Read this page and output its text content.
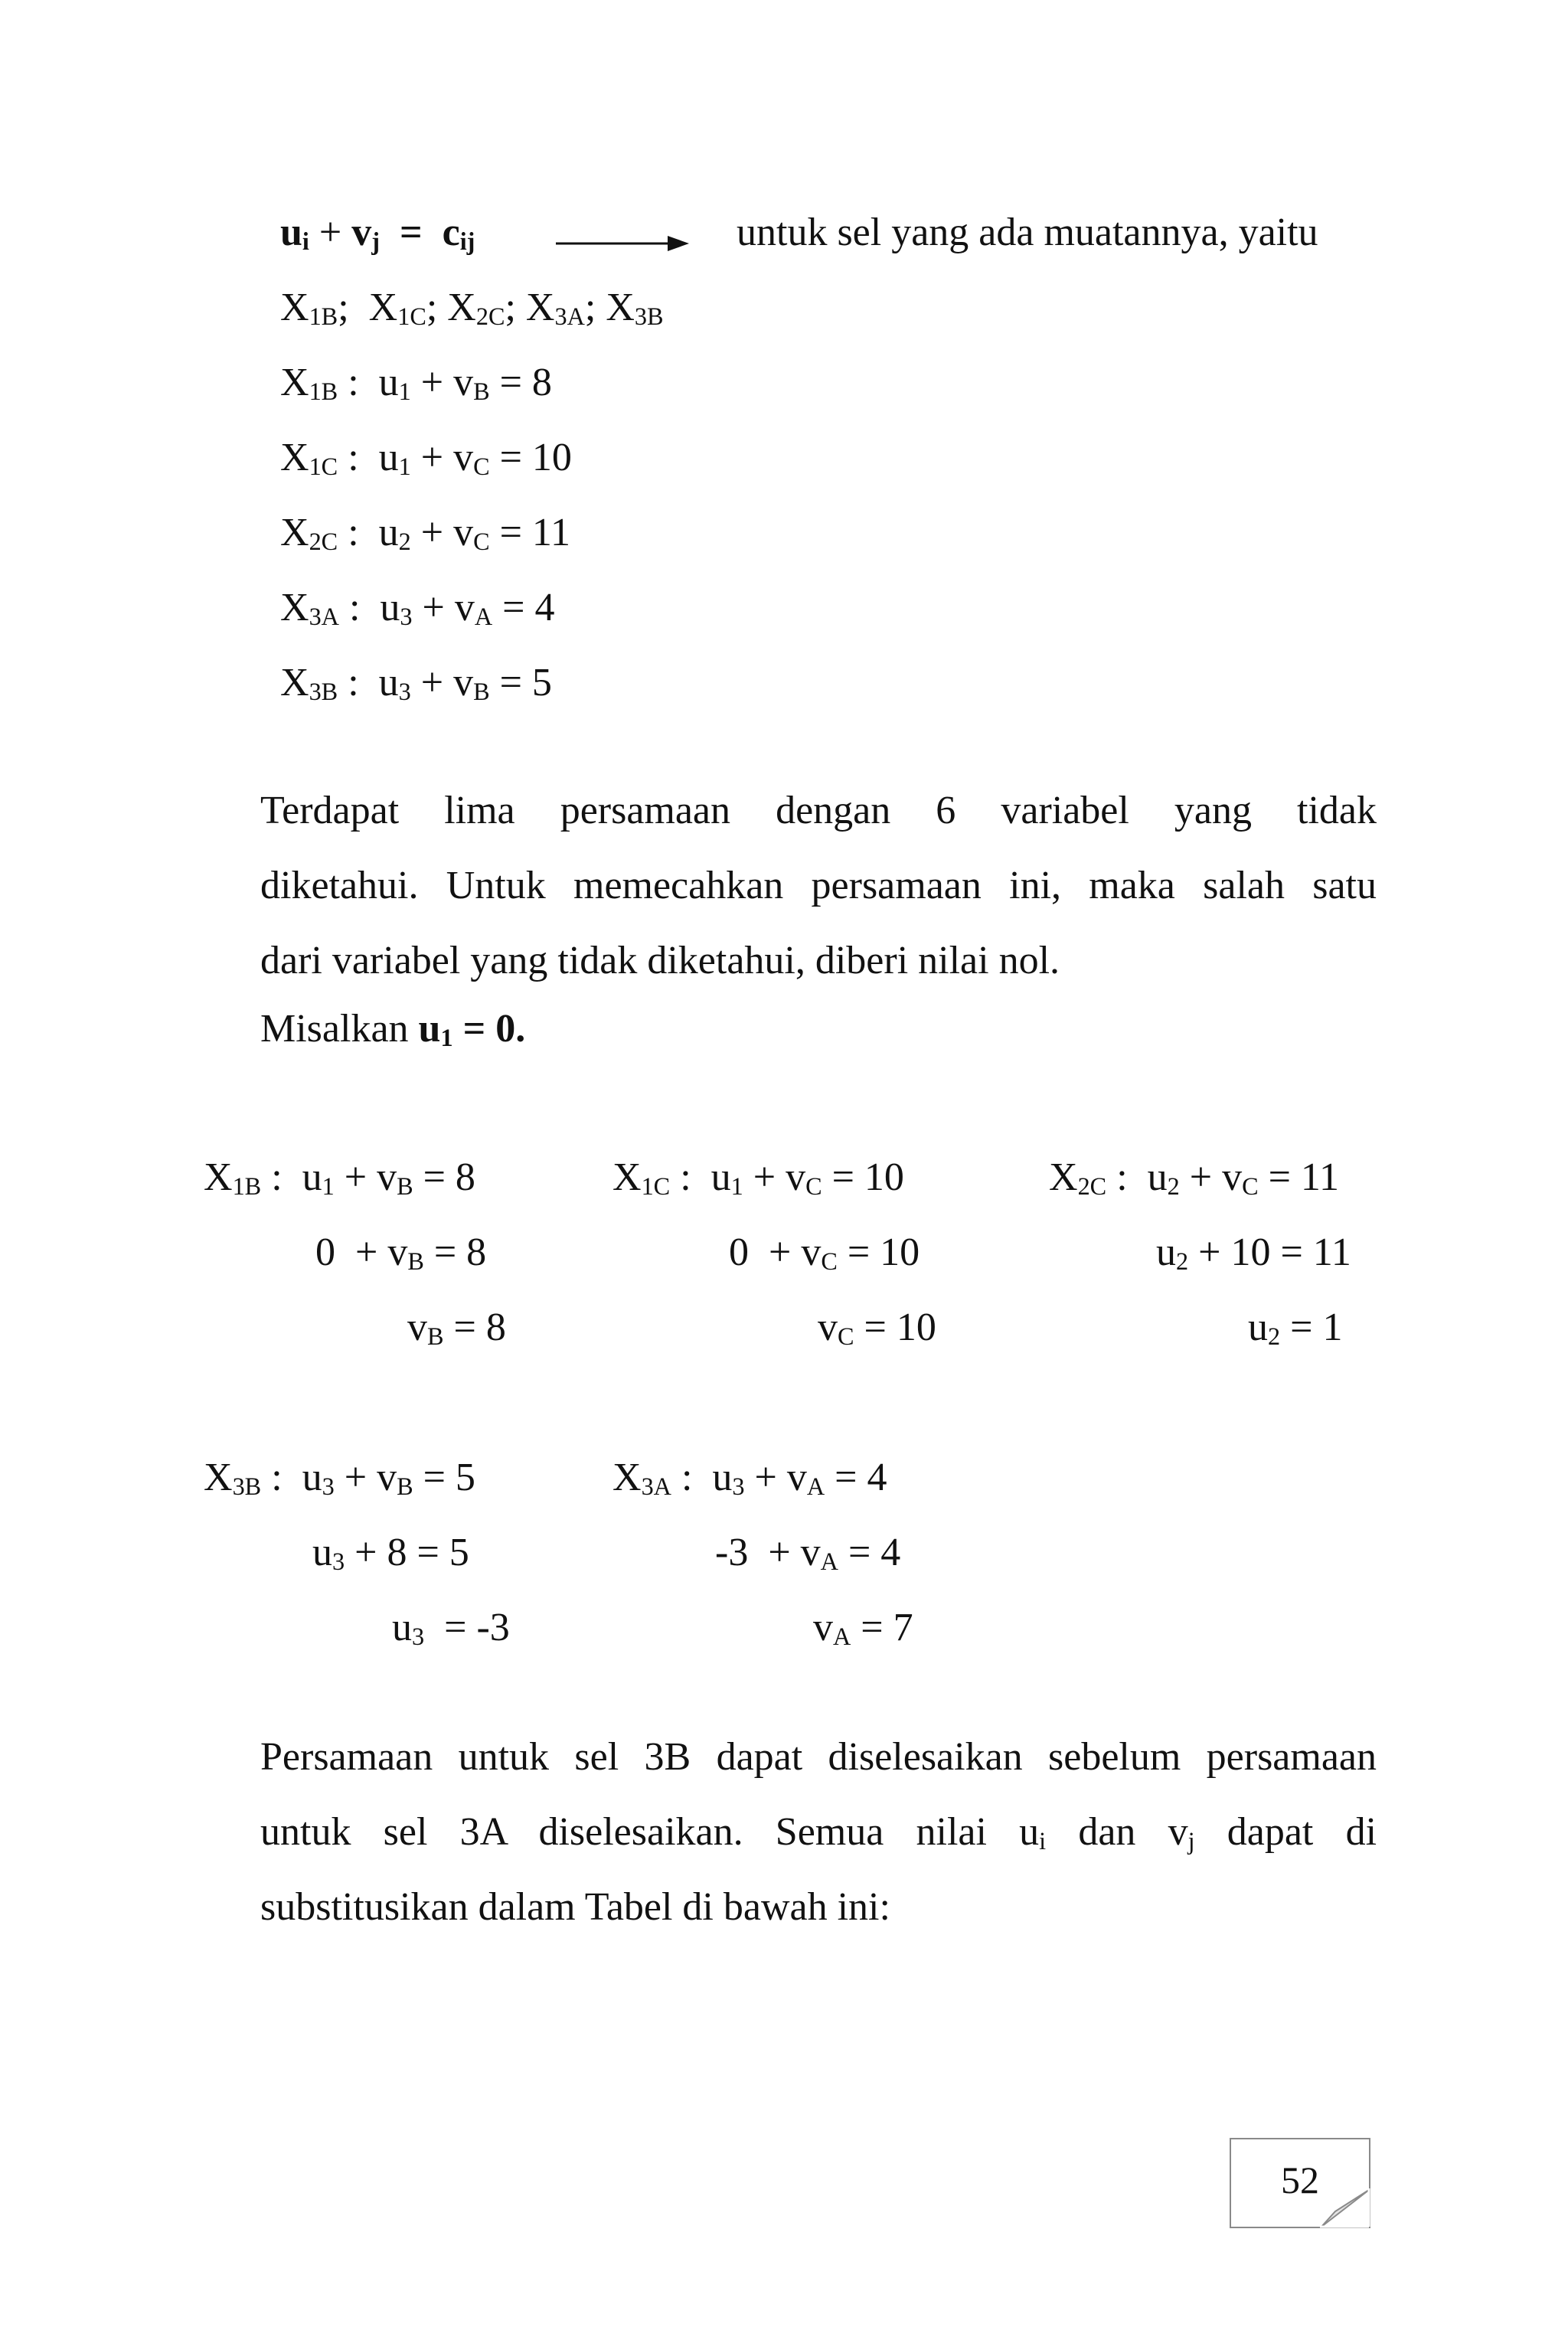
$u_i + v_j = c_{ij}$	untuk sel yang ada muatannya, yaitu
$X_{1B}$; $X_{1C}$; $X_{2C}$; $X_{3A}$; $X_{3B}$
$X_{1B}$ : $u_1 + v_B = 8$
$X_{1C}$ : $u_1 + v_C = 10$
$X_{2C}$ : $u_2 + v_C = 11$
$X_{3A}$ : $u_3 + v_A = 4$
$X_{3B}$ : $u_3 + v_B = 5$
Terdapat lima persamaan dengan 6 variabel yang tidak
diketahui. Untuk memecahkan persamaan ini, maka salah satu
dari variabel yang tidak diketahui, diberi nilai nol.
Misalkan $u_1 = 0$.
$X_{1B}$ : $u_1 + v_B = 8$
$0 + v_B = 8$
$v_B = 8$
$X_{1C}$ : $u_1 + v_C = 10$
$0 + v_C = 10$
$v_C = 10$
$X_{2C}$ : $u_2 + v_C = 11$
$u_2 + 10 = 11$
$u_2 = 1$
$X_{3B}$ : $u_3 + v_B = 5$
$u_3 + 8 = 5$
$u_3 = -3$
$X_{3A}$ : $u_3 + v_A = 4$
$-3 + v_A = 4$
$v_A = 7$
Persamaan untuk sel 3B dapat diselesaikan sebelum persamaan
untuk sel 3A diselesaikan. Semua nilai $u_i$ dan $v_j$ dapat di
substitusikan dalam Tabel di bawah ini:
52
